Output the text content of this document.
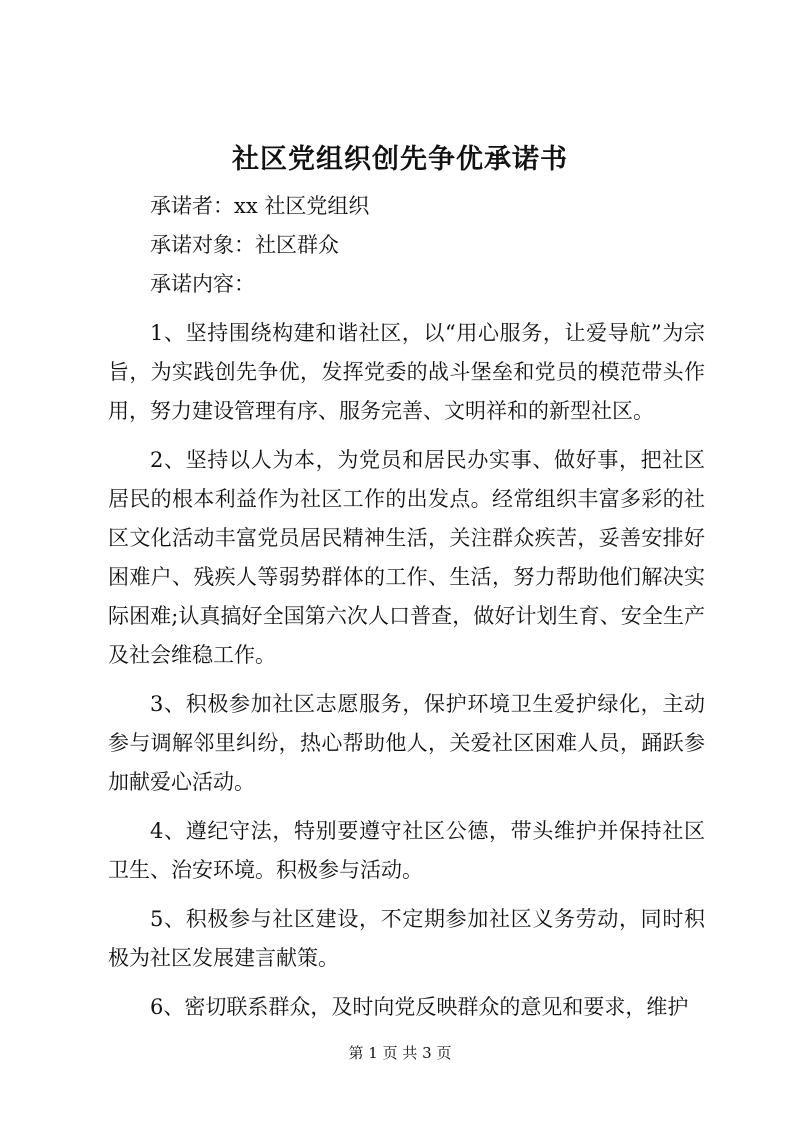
社区党组织创先争优承诺书

承诺者：xx 社区党组织

承诺对象：社区群众

承诺内容：

1、坚持围绕构建和谐社区，以“用心服务，让爱导航”为宗旨，为实践创先争优，发挥党委的战斗堡垒和党员的模范带头作用，努力建设管理有序、服务完善、文明祥和的新型社区。

2、坚持以人为本，为党员和居民办实事、做好事，把社区居民的根本利益作为社区工作的出发点。经常组织丰富多彩的社区文化活动丰富党员居民精神生活，关注群众疾苦，妥善安排好困难户、残疾人等弱势群体的工作、生活，努力帮助他们解决实际困难;认真搞好全国第六次人口普查，做好计划生育、安全生产及社会维稳工作。

3、积极参加社区志愿服务，保护环境卫生爱护绿化，主动参与调解邻里纠纷，热心帮助他人，关爱社区困难人员，踊跃参加献爱心活动。

4、遵纪守法，特别要遵守社区公德，带头维护并保持社区卫生、治安环境。积极参与活动。

5、积极参与社区建设，不定期参加社区义务劳动，同时积极为社区发展建言献策。

6、密切联系群众，及时向党反映群众的意见和要求，维护

第 1 页 共 3 页
